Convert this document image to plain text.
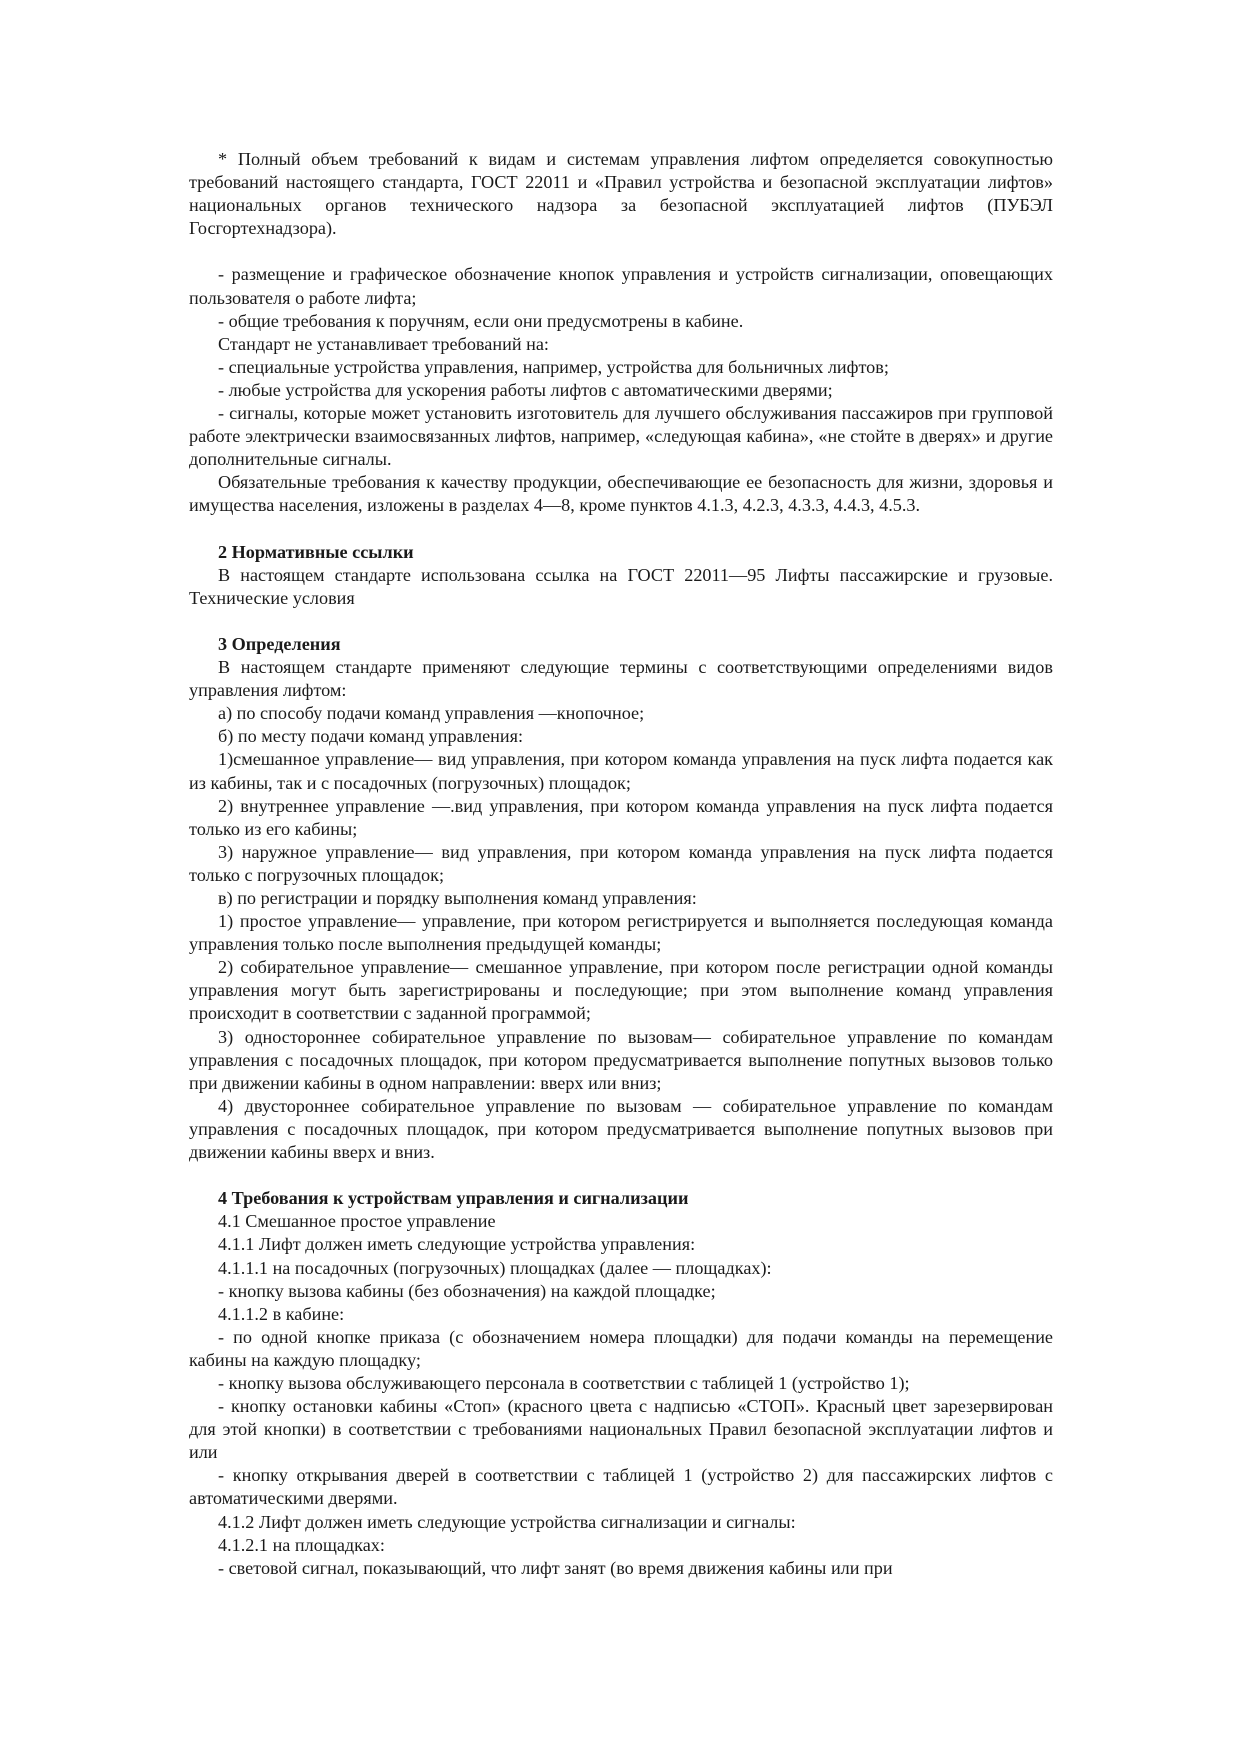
* Полный объем требований к видам и системам управления лифтом определяется совокупностью требований настоящего стандарта, ГОСТ 22011 и «Правил устройства и безопасной эксплуатации лифтов» национальных органов технического надзора за безопасной эксплуатацией лифтов (ПУБЭЛ Госгортехнадзора).

- размещение и графическое обозначение кнопок управления и устройств сигнализации, оповещающих пользователя о работе лифта;

- общие требования к поручням, если они предусмотрены в кабине.

Стандарт не устанавливает требований на:

- специальные устройства управления, например, устройства для больничных лифтов;

- любые устройства для ускорения работы лифтов с автоматическими дверями;

- сигналы, которые может установить изготовитель для лучшего обслуживания пассажиров при групповой работе электрически взаимосвязанных лифтов, например, «следующая кабина», «не стойте в дверях» и другие дополнительные сигналы.

Обязательные требования к качеству продукции, обеспечивающие ее безопасность для жизни, здоровья и имущества населения, изложены в разделах 4—8, кроме пунктов 4.1.3, 4.2.3, 4.3.3, 4.4.3, 4.5.3.

2 Нормативные ссылки

В настоящем стандарте использована ссылка на ГОСТ 22011—95 Лифты пассажирские и грузовые. Технические условия

3 Определения

В настоящем стандарте применяют следующие термины с соответствующими определениями видов управления лифтом:

а) по способу подачи команд управления —кнопочное;

б) по месту подачи команд управления:

1)смешанное управление— вид управления, при котором команда управления на пуск лифта подается как из кабины, так и с посадочных (погрузочных) площадок;

2) внутреннее управление —.вид управления, при котором команда управления на пуск лифта подается только из его кабины;

3) наружное управление— вид управления, при котором команда управления на пуск лифта подается только с погрузочных площадок;

в) по регистрации и порядку выполнения команд управления:

1) простое управление— управление, при котором регистрируется и выполняется последующая команда управления только после выполнения предыдущей команды;

2) собирательное управление— смешанное управление, при котором после регистрации одной команды управления могут быть зарегистрированы и последующие; при этом выполнение команд управления происходит в соответствии с заданной программой;

3) одностороннее собирательное управление по вызовам— собирательное управление по командам управления с посадочных площадок, при котором предусматривается выполнение попутных вызовов только при движении кабины в одном направлении: вверх или вниз;

4) двустороннее собирательное управление по вызовам — собирательное управление по командам управления с посадочных площадок, при котором предусматривается выполнение попутных вызовов при движении кабины вверх и вниз.

4 Требования к устройствам управления и сигнализации

4.1 Смешанное простое управление

4.1.1 Лифт должен иметь следующие устройства управления:

4.1.1.1 на посадочных (погрузочных) площадках (далее — площадках):

- кнопку вызова кабины (без обозначения) на каждой площадке;

4.1.1.2 в кабине:

- по одной кнопке приказа (с обозначением номера площадки) для подачи команды на перемещение кабины на каждую площадку;

- кнопку вызова обслуживающего персонала в соответствии с таблицей 1 (устройство 1);

- кнопку остановки кабины «Стоп» (красного цвета с надписью «СТОП». Красный цвет зарезервирован для этой кнопки) в соответствии с требованиями национальных Правил безопасной эксплуатации лифтов и или

- кнопку открывания дверей в соответствии с таблицей 1 (устройство 2) для пассажирских лифтов с автоматическими дверями.

4.1.2 Лифт должен иметь следующие устройства сигнализации и сигналы:

4.1.2.1 на площадках:

- световой сигнал, показывающий, что лифт занят (во время движения кабины или при
